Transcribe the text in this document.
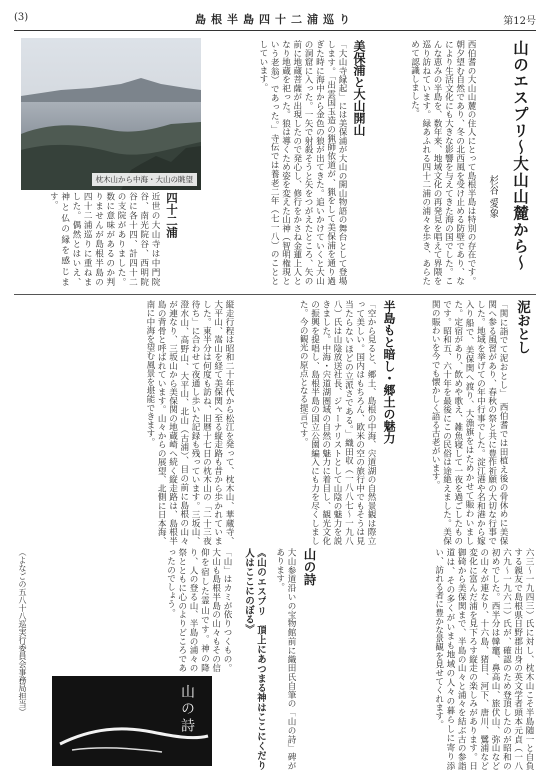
(3)	島根半島四十二浦巡り	第12号
山のエスプリ〜大山山麓から〜
杉谷 愛象
西伯耆の大山山麓の住人にとって島根半島は特別の存在です。朝夕望む自然であり、冬の北西風を受け止める防壁であり、なにより生活文化にも大きな影響を与えてきた海の国でした。こんな恵みの半島を、数年来、地域文化の再発見を唱えて界隈を巡り訪ねています。緑あふれる四十二浦の浦々を歩き、あらためて認識しました。
美保浦と大山開山
「大山寺縁起」には美保浦が大山の開山物語の舞台として登場します。「出雲国玉造の猟師依道が、猟をして美保浦を通り過ぎた時に海中から金色の狼が出てきた。追いかけていくと大山の洞窟に入った。一矢で射殺そうと矢をつがえたところ、矢の前に地蔵菩薩が出現したので発心し、修行をかさね金蓮上人となり地蔵を祀った。狼は導くため姿を変えた山神（智明権現という老翁）であった。」寺伝では養老二年（七一八）のこととしています。
枕木山から中海・大山の眺望
四十二浦
近世の大山寺は中門院谷、南光院谷、西明院谷に各十四、計四十二の支院がありました。数に意味があるのか判りませんが島根半島の四十二浦巡りに重ねました。偶然とはいえ、神と仏の縁を感じます。
泥おとし
「関に詣でて泥おとし」　西伯耆では田植え後の骨休めに美保関へ参る風習があり、春秋の祭と共に豊作祈願の大切な行事でした。地域を挙げての年中行事でした。淀江港や名和港から嫁入り船で、美保関へ渡り、大漁旗をはためかせて賑わいました。定宿があり、飲めや歌え、雑魚寝して一夜を過ごしたものです。昭和五、六十年を最後にこの民俗は途絶えました。美保関の賑わいを今でも懐かしく語る古老がいます。
半島もと暗し・郷土の魅力
「空から見ると、郷土、島根の中海、宍道湖の自然景観は際立って美しい。国内はもちろん、欧米の空の旅行中でもそうは見当たらないほどの立派さである。」織田収（一八八七〜一九八八）氏は山陰放送社長、ジャーナリストとして山陰の魅力を説きました。中海・宍道湖圏域の自然の魅力に着目し、観光文化の振興を提唱し、島根半島の国立公園編入にも力を尽くしました。今の観光の原点となる提言です。
縦走行程は昭和二十年代から松江を発って、枕木山、華蔵寺、大平山、嵩山を経て美保関へ至る縦走路も昔から歩かれていました。東半分は何度も訪ね、旧暦十七日の枕木山の「二十三夜待ち」に合わせて夜通し歩いた記録も残っています。三坂山、澄水山、高野山、大平山、北山（古浦）、目の前に島根の山々が連なり、三坂山から美保関の地蔵崎へ続く縦走路は、島根半島の背骨と呼ばれています。山々からの展望、北側に日本海、南に中海を望む風景を堪能できます。
六三〜一九四三）氏に対し、枕木山こそ半島随一と自負する親友で島根県日野郡出身の英文学者頭本元貞（一八六九〜一九六二）氏が、確認のため登頂したのが昭和の初めでした。西半分は韓竈、鼻高山、旅伏山、弥山などの山々が連なり、十六島、猪目、河下、唐川、鷺浦など変化に富んだ浦を見下ろす縦走の楽しみがあります。日御碕から美保関まで、半島の山々と浦々を結ぶ古の参詣道は、その多くがいまも地域の人々の暮らしに寄り添い、訪れる者に豊かな景観を見せてくれます。
山の詩
大山参道沿いの宝物館前に織田氏自筆の「山の詩」碑があります。
《山のエスプリ　頂上にあつまる神はここにくだり人はここにのぼる》
「山」はカミが依りつくもの。大山も島根半島の山々もその信仰を宿した霊山です。神の降り、人の登る山、半島の浦々の祭とともに心のよりどころであったのでしょう。
（よなごの五八十八巡実行委員会事務局担当）	山の詩
